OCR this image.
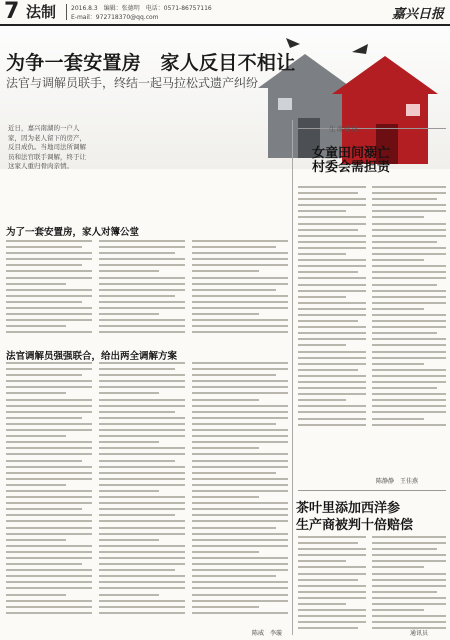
7 法制 2016.8.3　 编辑：张德明　 电话：0571-86757116
E-mail：972718370@qq.com	嘉兴日报
为争一套安置房　家人反目不相让
法官与调解员联手，终结一起马拉松式遗产纠纷
近日，嘉兴南湖的一户人家，因为老人留下的房产，反目成仇。当地司法所调解员和法官联手调解，终于让这家人重归骨肉亲情。
为了一套安置房，家人对簿公堂
法官调解员强强联合，给出两全调解方案
陈威　李璇
生命健康
女童田间溺亡
村委会需担责
陈静静　王佳燕
茶叶里添加西洋参
生产商被判十倍赔偿
通讯员
